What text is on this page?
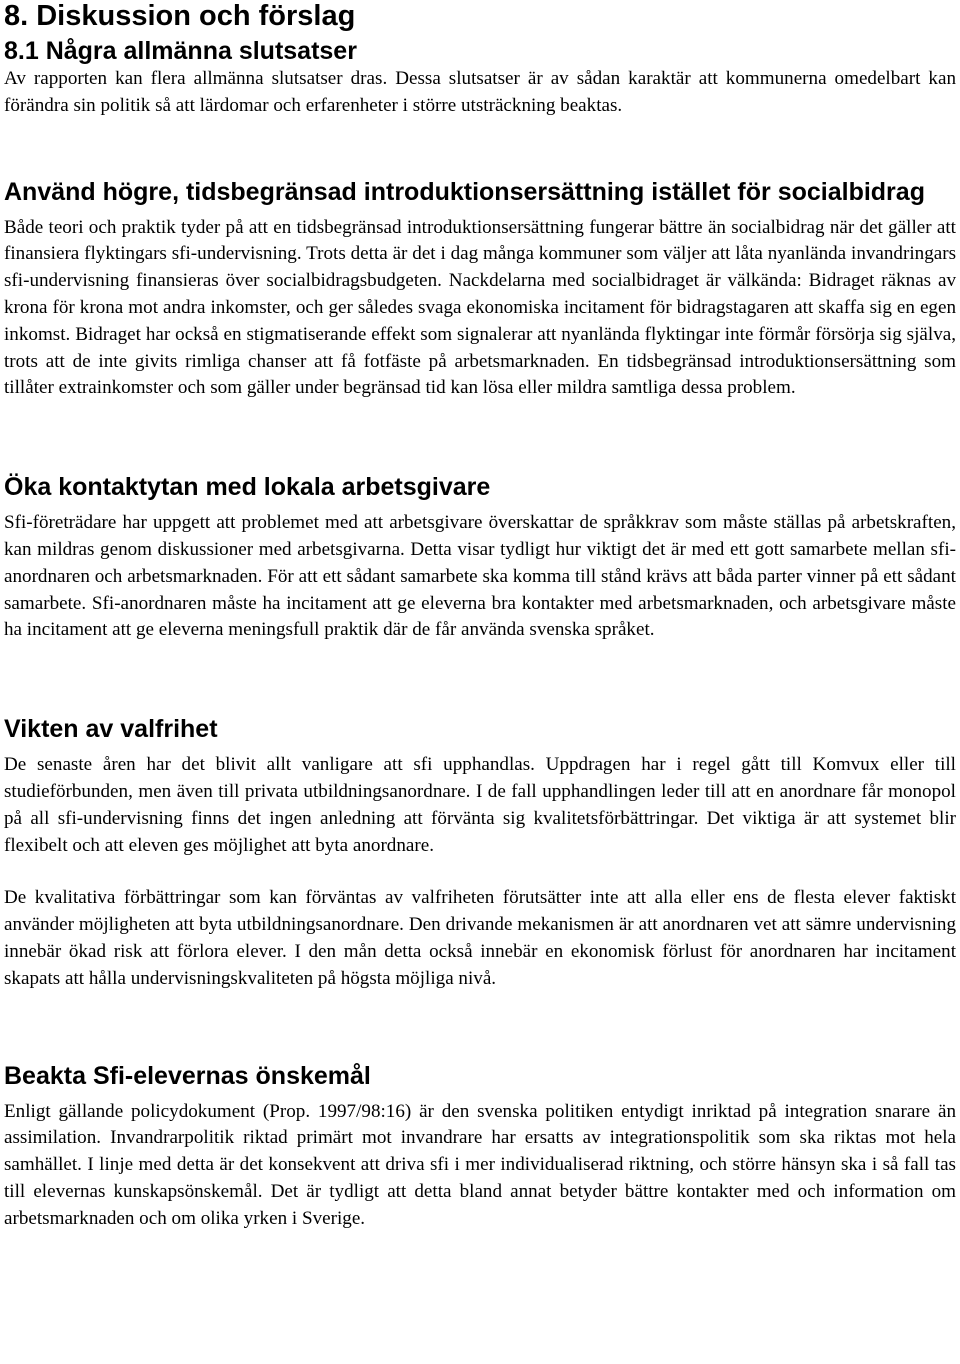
8. Diskussion och förslag
8.1 Några allmänna slutsatser

Av rapporten kan flera allmänna slutsatser dras. Dessa slutsatser är av sådan karaktär att kommunerna omedelbart kan förändra sin politik så att lärdomar och erfarenheter i större utsträckning beaktas.

Använd högre, tidsbegränsad introduktionsersättning istället för socialbidrag

Både teori och praktik tyder på att en tidsbegränsad introduktionsersättning fungerar bättre än socialbidrag när det gäller att finansiera flyktingars sfi-undervisning. Trots detta är det i dag många kommuner som väljer att låta nyanlända invandringars sfi-undervisning finansieras över socialbidragsbudgeten. Nackdelarna med socialbidraget är välkända: Bidraget räknas av krona för krona mot andra inkomster, och ger således svaga ekonomiska incitament för bidragstagaren att skaffa sig en egen inkomst. Bidraget har också en stigmatiserande effekt som signalerar att nyanlända flyktingar inte förmår försörja sig själva, trots att de inte givits rimliga chanser att få fotfäste på arbetsmarknaden. En tidsbegränsad introduktionsersättning som tillåter extrainkomster och som gäller under begränsad tid kan lösa eller mildra samtliga dessa problem.

Öka kontaktytan med lokala arbetsgivare

Sfi-företrädare har uppgett att problemet med att arbetsgivare överskattar de språkkrav som måste ställas på arbetskraften, kan mildras genom diskussioner med arbetsgivarna. Detta visar tydligt hur viktigt det är med ett gott samarbete mellan sfi-anordnaren och arbetsmarknaden. För att ett sådant samarbete ska komma till stånd krävs att båda parter vinner på ett sådant samarbete. Sfi-anordnaren måste ha incitament att ge eleverna bra kontakter med arbetsmarknaden, och arbetsgivare måste ha incitament att ge eleverna meningsfull praktik där de får använda svenska språket.

Vikten av valfrihet

De senaste åren har det blivit allt vanligare att sfi upphandlas. Uppdragen har i regel gått till Komvux eller till studieförbunden, men även till privata utbildningsanordnare. I de fall upphandlingen leder till att en anordnare får monopol på all sfi-undervisning finns det ingen anledning att förvänta sig kvalitetsförbättringar. Det viktiga är att systemet blir flexibelt och att eleven ges möjlighet att byta anordnare.

De kvalitativa förbättringar som kan förväntas av valfriheten förutsätter inte att alla eller ens de flesta elever faktiskt använder möjligheten att byta utbildningsanordnare. Den drivande mekanismen är att anordnaren vet att sämre undervisning innebär ökad risk att förlora elever. I den mån detta också innebär en ekonomisk förlust för anordnaren har incitament skapats att hålla undervisningskvaliteten på högsta möjliga nivå.

Beakta Sfi-elevernas önskemål

Enligt gällande policydokument (Prop. 1997/98:16) är den svenska politiken entydigt inriktad på integration snarare än assimilation. Invandrarpolitik riktad primärt mot invandrare har ersatts av integrationspolitik som ska riktas mot hela samhället. I linje med detta är det konsekvent att driva sfi i mer individualiserad riktning, och större hänsyn ska i så fall tas till elevernas kunskapsönskemål. Det är tydligt att detta bland annat betyder bättre kontakter med och information om arbetsmarknaden och om olika yrken i Sverige.
